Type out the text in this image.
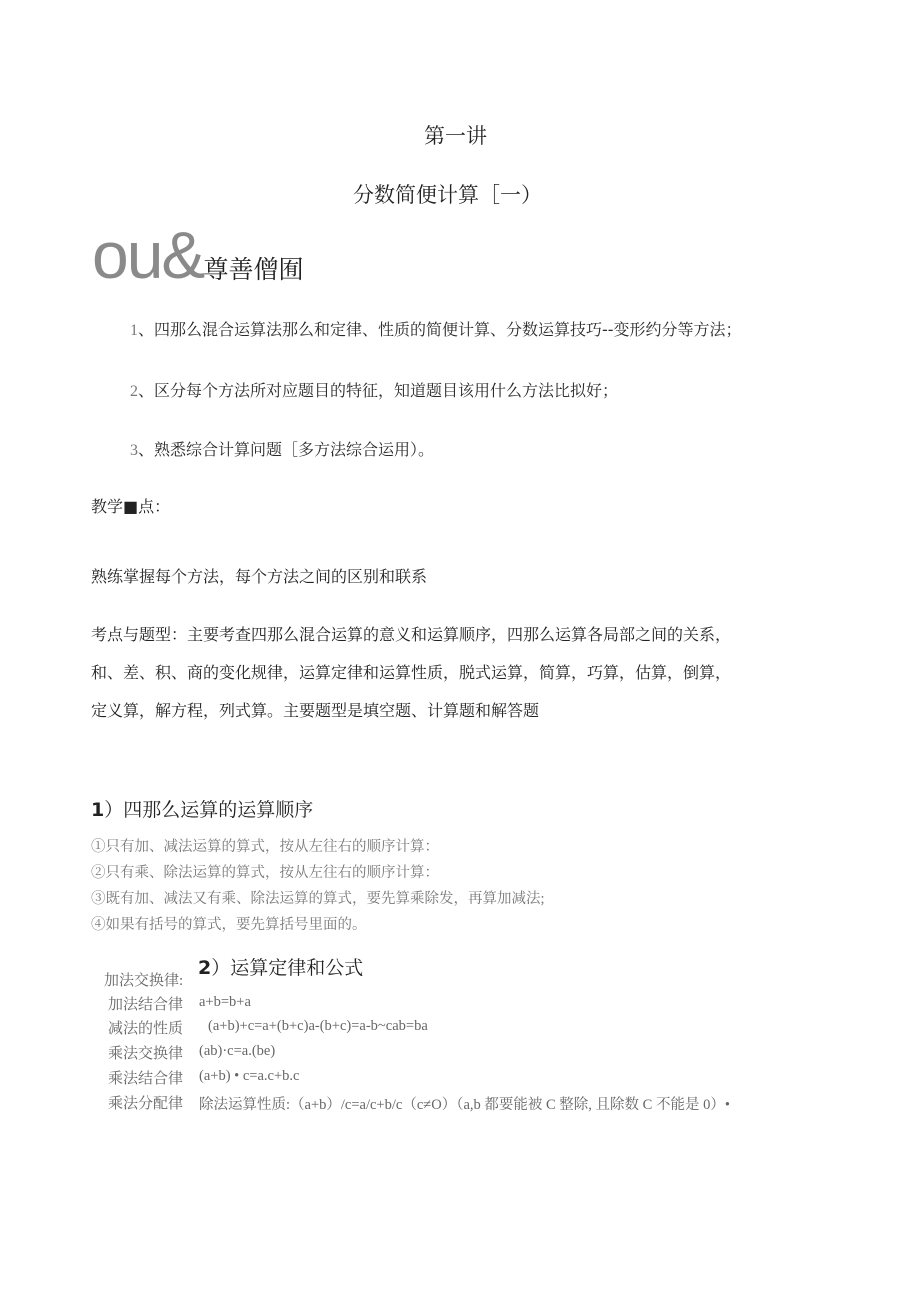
第一讲
分数简便计算［一）
ou&尊善僧囿
1、四那么混合运算法那么和定律、性质的简便计算、分数运算技巧--变形约分等方法；
2、区分每个方法所对应题目的特征，知道题目该用什么方法比拟好；
3、熟悉综合计算问题［多方法综合运用）。
教学■点：
熟练掌握每个方法，每个方法之间的区别和联系
考点与题型：主要考查四那么混合运算的意义和运算顺序，四那么运算各局部之间的关系，
和、差、积、商的变化规律，运算定律和运算性质，脱式运算，简算，巧算，估算，倒算，
定义算，解方程，列式算。主要题型是填空题、计算题和解答题
1）四那么运算的运算顺序
①只有加、减法运算的算式，按从左往右的顺序计算：
②只有乘、除法运算的算式，按从左往右的顺序计算：
③既有加、减法又有乘、除法运算的算式，要先算乘除发，再算加减法;
④如果有括号的算式，要先算括号里面的。
2）运算定律和公式
加法交换律:
加法结合律 a+b=b+a
减法的性质 (a+b)+c=a+(b+c)a-(b+c)=a-b~cab=ba
乘法交换律 (ab)·c=a.(be)
乘法结合律 (a+b) • c=a.c+b.c
乘法分配律 除法运算性质:（a+b）/c=a/c+b/c（c≠O）（a,b 都要能被 C 整除, 且除数 C 不能是 0）•
